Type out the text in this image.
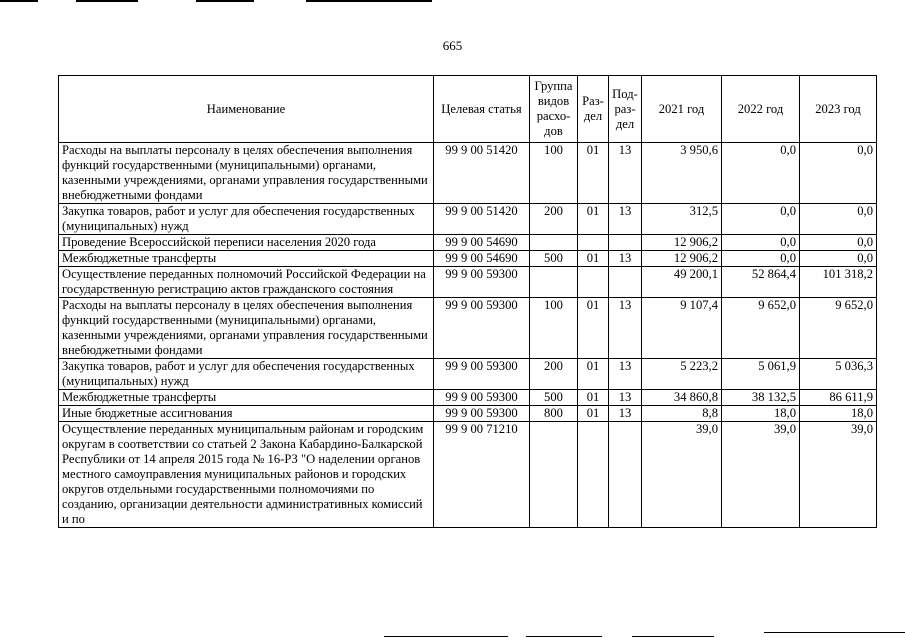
665
Наименование	Целевая статья	Группа видов расхо-дов	Раз-дел	Под-раз-дел	2021 год	2022 год	2023 год
Расходы на выплаты персоналу в целях обеспечения выполнения функций государственными (муниципальными) органами, казенными учреждениями, органами управления государственными внебюджетными фондами	99 9 00 51420	100	01	13	3 950,6	0,0	0,0
Закупка товаров, работ и услуг для обеспечения государственных (муниципальных) нужд	99 9 00 51420	200	01	13	312,5	0,0	0,0
Проведение Всероссийской переписи населения 2020 года	99 9 00 54690				12 906,2	0,0	0,0
Межбюджетные трансферты	99 9 00 54690	500	01	13	12 906,2	0,0	0,0
Осуществление переданных полномочий Российской Федерации на государственную регистрацию актов гражданского состояния	99 9 00 59300				49 200,1	52 864,4	101 318,2
Расходы на выплаты персоналу в целях обеспечения выполнения функций государственными (муниципальными) органами, казенными учреждениями, органами управления государственными внебюджетными фондами	99 9 00 59300	100	01	13	9 107,4	9 652,0	9 652,0
Закупка товаров, работ и услуг для обеспечения государственных (муниципальных) нужд	99 9 00 59300	200	01	13	5 223,2	5 061,9	5 036,3
Межбюджетные трансферты	99 9 00 59300	500	01	13	34 860,8	38 132,5	86 611,9
Иные бюджетные ассигнования	99 9 00 59300	800	01	13	8,8	18,0	18,0
Осуществление переданных муниципальным районам и городским округам в соответствии со статьей 2 Закона Кабардино-Балкарской Республики от 14 апреля 2015 года № 16-РЗ "О наделении органов местного самоуправления муниципальных районов и городских округов отдельными государственными полномочиями по созданию, организации деятельности административных комиссий и по	99 9 00 71210				39,0	39,0	39,0
